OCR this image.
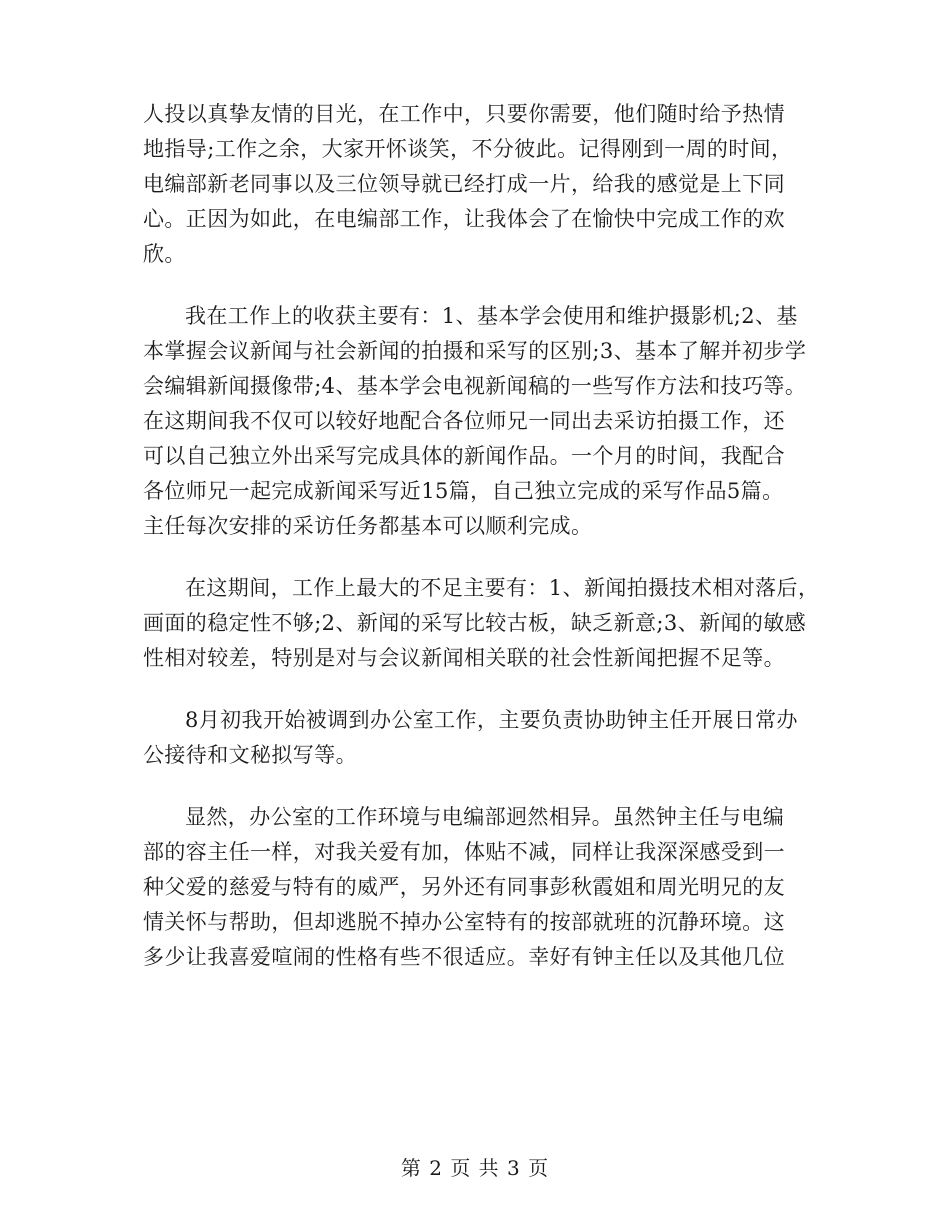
人投以真挚友情的目光，在工作中，只要你需要，他们随时给予热情
地指导;工作之余，大家开怀谈笑，不分彼此。记得刚到一周的时间，
电编部新老同事以及三位领导就已经打成一片，给我的感觉是上下同
心。正因为如此，在电编部工作，让我体会了在愉快中完成工作的欢
欣。
我在工作上的收获主要有：1、基本学会使用和维护摄影机;2、基
本掌握会议新闻与社会新闻的拍摄和采写的区别;3、基本了解并初步学
会编辑新闻摄像带;4、基本学会电视新闻稿的一些写作方法和技巧等。
在这期间我不仅可以较好地配合各位师兄一同出去采访拍摄工作，还
可以自己独立外出采写完成具体的新闻作品。一个月的时间，我配合
各位师兄一起完成新闻采写近15篇，自己独立完成的采写作品5篇。
主任每次安排的采访任务都基本可以顺利完成。
在这期间，工作上最大的不足主要有：1、新闻拍摄技术相对落后，
画面的稳定性不够;2、新闻的采写比较古板，缺乏新意;3、新闻的敏感
性相对较差，特别是对与会议新闻相关联的社会性新闻把握不足等。
8月初我开始被调到办公室工作，主要负责协助钟主任开展日常办
公接待和文秘拟写等。
显然，办公室的工作环境与电编部迥然相异。虽然钟主任与电编
部的容主任一样，对我关爱有加，体贴不减，同样让我深深感受到一
种父爱的慈爱与特有的威严，另外还有同事彭秋霞姐和周光明兄的友
情关怀与帮助，但却逃脱不掉办公室特有的按部就班的沉静环境。这
多少让我喜爱喧闹的性格有些不很适应。幸好有钟主任以及其他几位
第 2 页 共 3 页
